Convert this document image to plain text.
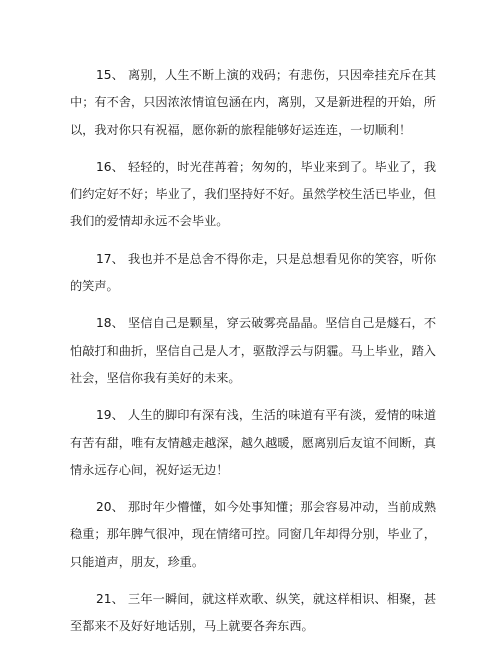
15、 离别，人生不断上演的戏码；有悲伤，只因牵挂充斥在其中；有不舍，只因浓浓情谊包涵在内，离别，又是新进程的开始，所以，我对你只有祝福，愿你新的旅程能够好运连连，一切顺利！

16、 轻轻的，时光荏苒着；匆匆的，毕业来到了。毕业了，我们约定好不好；毕业了，我们坚持好不好。虽然学校生活已毕业，但我们的爱情却永远不会毕业。

17、 我也并不是总舍不得你走，只是总想看见你的笑容，听你的笑声。

18、 坚信自己是颗星，穿云破雾亮晶晶。坚信自己是燧石，不怕敲打和曲折，坚信自己是人才，驱散浮云与阴霾。马上毕业，踏入社会，坚信你我有美好的未来。

19、 人生的脚印有深有浅，生活的味道有平有淡，爱情的味道有苦有甜，唯有友情越走越深，越久越暖，愿离别后友谊不间断，真情永远存心间，祝好运无边！

20、 那时年少懵懂，如今处事知懂；那会容易冲动，当前成熟稳重；那年脾气很冲，现在情绪可控。同窗几年却得分别，毕业了，只能道声，朋友，珍重。

21、 三年一瞬间，就这样欢歌、纵笑，就这样相识、相聚，甚至都来不及好好地话别，马上就要各奔东西。
